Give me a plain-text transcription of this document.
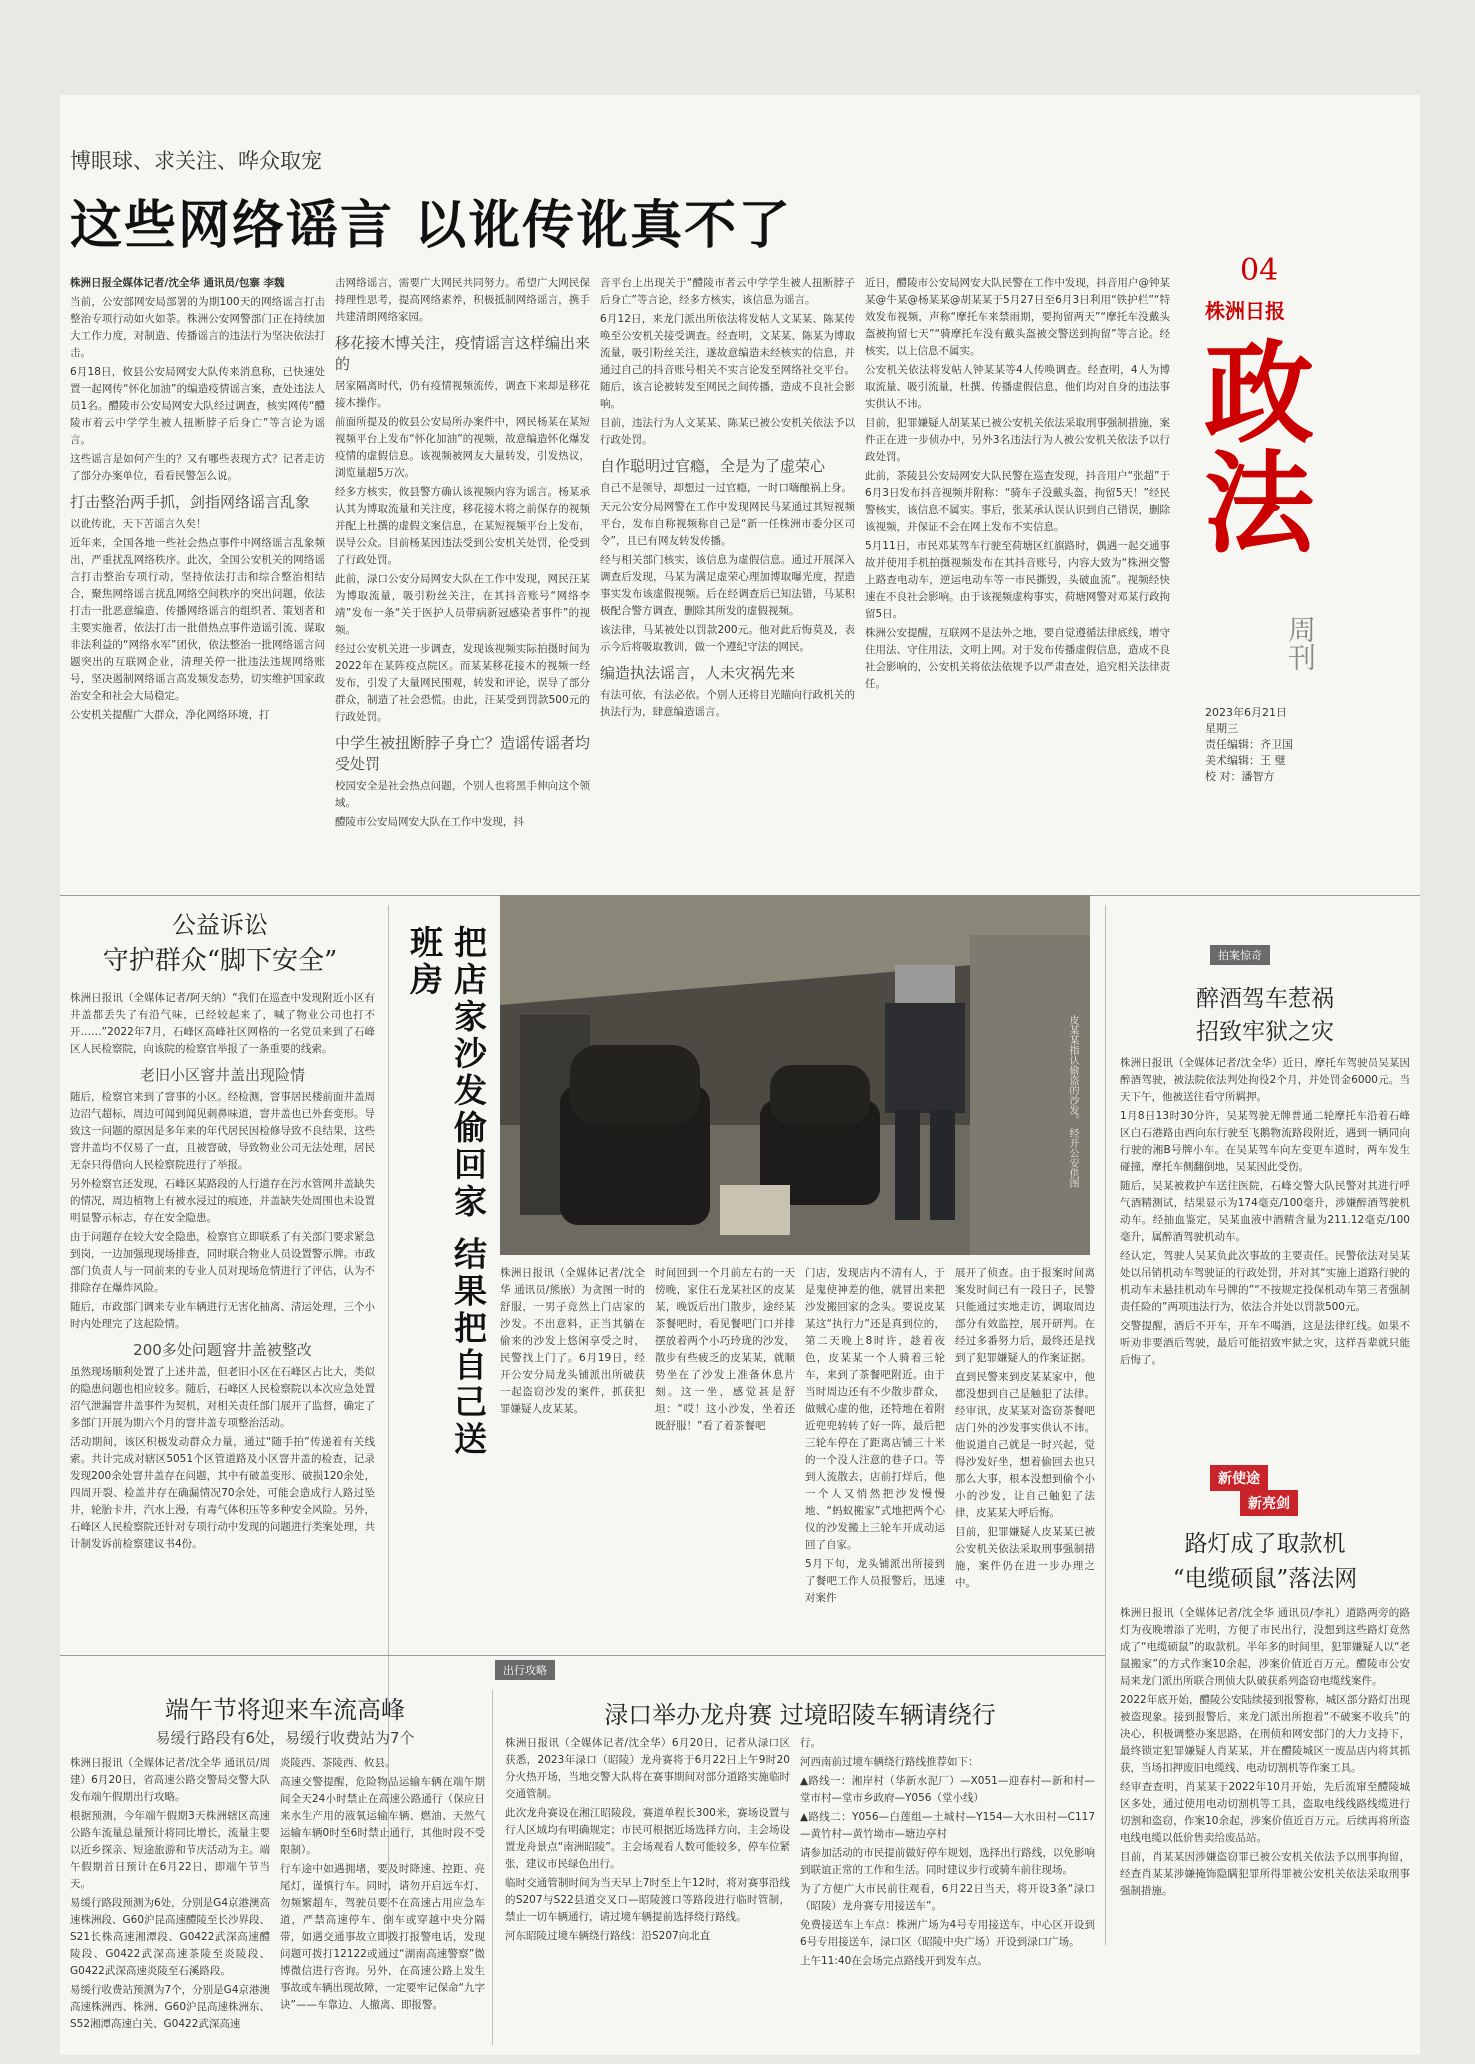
博眼球、求关注、哗众取宠
这些网络谣言 以讹传讹真不了
04
株洲日报
政法
周刊
2023年6月21日
星期三
责任编辑：齐卫国
美术编辑：王 璧
校 对：潘智方

株洲日报全媒体记者/沈全华 通讯员/包寨 李魏

当前，公安部网安局部署的为期100天的网络谣言打击整治专项行动如火如荼。株洲公安网警部门正在持续加大工作力度，对制造、传播谣言的违法行为坚决依法打击。

6月18日，攸县公安局网安大队传来消息称，已快速处置一起网传“怀化加油”的编造疫情谣言案，查处违法人员1名。醴陵市公安局网安大队经过调查，核实网传“醴陵市着云中学学生被人扭断脖子后身亡”等言论为谣言。

这些谣言是如何产生的？又有哪些表现方式？记者走访了部分办案单位，看看民警怎么说。

打击整治两手抓，剑指网络谣言乱象

以讹传讹，天下苦谣言久矣！

近年来，全国各地一些社会热点事件中网络谣言乱象频出，严重扰乱网络秩序。此次，全国公安机关的网络谣言打击整治专项行动，坚持依法打击和综合整治相结合，聚焦网络谣言扰乱网络空间秩序的突出问题，依法打击一批恶意编造、传播网络谣言的组织者、策划者和主要实施者，依法打击一批借热点事件造谣引流、谋取非法利益的“网络水军”团伙，依法整治一批网络谣言问题突出的互联网企业，清理关停一批违法违规网络账号，坚决遏制网络谣言高发频发态势，切实维护国家政治安全和社会大局稳定。

公安机关提醒广大群众，净化网络环境，打

击网络谣言，需要广大网民共同努力。希望广大网民保持理性思考，提高网络素养，积极抵制网络谣言，携手共建清朗网络家园。

移花接木博关注，疫情谣言这样编出来的

居家隔离时代，仍有疫情视频流传，调查下来却是移花接木操作。

前面所提及的攸县公安局所办案件中，网民杨某在某短视频平台上发布“怀化加油”的视频，故意编造怀化爆发疫情的虚假信息。该视频被网友大量转发，引发热议，浏览量超5万次。

经多方核实，攸县警方确认该视频内容为谣言。杨某承认其为博取流量和关注度，移花接木将之前保存的视频并配上杜撰的虚假文案信息，在某短视频平台上发布，误导公众。目前杨某因违法受到公安机关处罚，伦受到了行政处罚。

此前，渌口公安分局网安大队在工作中发现，网民汪某为博取流量，吸引粉丝关注，在其抖音账号“网络李靖”发布一条“关于医护人员带病新冠感染者事件”的视频。

经过公安机关进一步调查，发现该视频实际拍摄时间为2022年在某阵疫点院区。而某某移花接木的视频一经发布，引发了大量网民围观，转发和评论，误导了部分群众，制造了社会恐慌。由此，汪某受到罚款500元的行政处罚。

中学生被扭断脖子身亡？造谣传谣者均受处罚

校园安全是社会热点问题，个别人也将黑手伸向这个领域。

醴陵市公安局网安大队在工作中发现，抖

音平台上出现关于“醴陵市者云中学学生被人扭断脖子后身亡”等言论，经多方核实，该信息为谣言。

6月12日，来龙门派出所依法将发帖人文某某、陈某传唤至公安机关接受调查。经查明，文某某、陈某为博取流量，吸引粉丝关注，遂故意编造未经核实的信息，并通过自己的抖音账号相关不实言论发至网络社交平台。随后，该言论被转发至网民之间传播，造成不良社会影响。

目前，违法行为人文某某、陈某已被公安机关依法予以行政处罚。

自作聪明过官瘾，全是为了虚荣心

自己不是领导，却想过一过官瘾，一时口嗨酿祸上身。

天元公安分局网警在工作中发现网民马某通过其短视频平台，发布自称视频称自己是“新一任株洲市委分区司令”，且已有网友转发传播。

经与相关部门核实，该信息为虚假信息。通过开展深入调查后发现，马某为满足虚荣心理加博取曝光度，捏造事实发布该虚假视频。后在经调查后已知法错，马某积极配合警方调查，删除其所发的虚假视频。

该法律，马某被处以罚款200元。他对此后悔莫及，表示今后将吸取教训，做一个遵纪守法的网民。

编造执法谣言，人未灾祸先来

有法可依，有法必依。个别人还将目光瞄向行政机关的执法行为，肆意编造谣言。

近日，醴陵市公安局网安大队民警在工作中发现，抖音用户@钟某某@牛某@杨某某@胡某某于5月27日至6月3日利用“铁护栏”“特效发布视频，声称“摩托车来禁雨期，要拘留两天”“摩托车没戴头盔被拘留七天”“骑摩托车没有戴头盔被交警送到拘留”等言论。经核实，以上信息不属实。

公安机关依法将发帖人钟某某等4人传唤调查。经查明，4人为博取流量、吸引流量，杜撰、传播虚假信息，他们均对自身的违法事实供认不讳。

目前，犯罪嫌疑人胡某某已被公安机关依法采取刑事强制措施，案件正在进一步侦办中，另外3名违法行为人被公安机关依法予以行政处罚。

此前，茶陵县公安局网安大队民警在巡查发现，抖音用户“张超”于6月3日发布抖音视频并附称：“骑车子没戴头盔，拘留5天！”经民警核实，该信息不属实。事后，张某承认误认识到自己错误，删除该视频，并保证不会在网上发布不实信息。

5月11日，市民邓某驾车行驶至荷塘区红旗路时，偶遇一起交通事故并使用手机拍摄视频发布在其抖音账号，内容大致为“株洲交警上路查电动车，逆运电动车等一市民撕毁，头破血流”。视频经快速在不良社会影响。由于该视频虚构事实，荷塘网警对邓某行政拘留5日。

株洲公安提醒，互联网不是法外之地，要自觉遵循法律底线，增守住用法、守住用法，文明上网。对于发布传播虚假信息，造成不良社会影响的，公安机关将依法依规予以严肃查处，追究相关法律责任。

公益诉讼
守护群众“脚下安全”

株洲日报讯（全媒体记者/阿天纳）“我们在巡查中发现附近小区有井盖都丢失了有沿气味，已经较起来了，喊了物业公司也打不开……”2022年7月，石峰区高峰社区网格的一名党员来到了石峰区人民检察院，向该院的检察官举报了一条重要的线索。

老旧小区窨井盖出现险情

随后，检察官来到了窨事的小区。经检测，窨事居民楼前面井盖周边沼气超标，周边可闻到闻见刺鼻味道，窨井盖也已外套变形。导致这一问题的原因是多年来的年代居民因检修导致不良结果，这些窨井盖均不仅易了一直，且被窨破，导致物业公司无法处理，居民无奈只得借向人民检察院进行了举报。

另外检察官还发现，石峰区某路段的人行道存在污水管网井盖缺失的情况，周边植物上有被水浸过的痕迹，并盖缺失处周围也未设置明显警示标志，存在安全隐患。

由于问题存在较大安全隐患，检察官立即联系了有关部门要求紧急到岗，一边加强现现场排查，同时联合物业人员设置警示牌。市政部门负责人与一同前来的专业人员对现场危情进行了评估，认为不排除存在爆炸风险。

随后，市政部门调来专业车辆进行无害化抽离、清运处理，三个小时内处理完了这起险情。

200多处问题窨井盖被整改

虽然现场顺利处置了上述井盖，但老旧小区在石峰区占比大，类似的隐患问题也相应较多。随后，石峰区人民检察院以本次应急处置沼气泄漏窨井盖事件为契机，对相关责任部门展开了监督，确定了多部门开展为期六个月的窨井盖专项整治活动。

活动期间，该区积极发动群众力量，通过“随手拍”传递着有关线索。共计完成对辖区5051个区管道路及小区窨井盖的检查，记录发现200余处窨井盖存在问题，其中有破盖变形、破损120余处，四周开裂、检盖井存在确漏情况70余处，可能会造成行人路过坠井，轮胎卡井，汽水上漫，有毒气体积压等多种安全风险。另外，石峰区人民检察院还针对专项行动中发现的问题进行类案处理，共计制发诉前检察建议书4份。

把店家沙发偷回家 结果把自己送班房
皮某某指认偷盗的沙发。 经开公安供图

株洲日报讯（全媒体记者/沈全华 通讯员/熊嵌）为贪图一时的舒服，一男子竟然上门店家的沙发。不出意料，正当其躺在偷来的沙发上悠闲享受之时，民警找上门了。6月19日，经开公安分局龙头铺派出所破获一起盗窃沙发的案件，抓获犯罪嫌疑人皮某某。

时间回到一个月前左右的一天傍晚，家住石龙某社区的皮某某，晚饭后出门散步，途经某茶餐吧时，看见餐吧门口并排摆放着两个小巧玲珑的沙发，散步有些疲乏的皮某某，就顺势坐在了沙发上准备休息片刻。这一坐，感觉甚是舒坦：“哎！这小沙发，坐着还既舒服！”看了着茶餐吧

门店，发现店内不清有人，于是鬼使神差的他，就冒出来把沙发搬回家的念头。要说皮某某这“执行力”还是真到位的，第二天晚上8时许，趁着夜色，皮某某一个人骑着三轮车，来到了茶餐吧附近。由于当时周边还有不少散步群众，做贼心虚的他，还特地在着附近兜兜转转了好一阵，最后把三轮车停在了距离店铺三十米的一个没人注意的巷子口。等到人流散去，店前打烊后，他一个人又悄然把沙发慢慢地、“蚂蚁搬家”式地把两个心仪的沙发搬上三轮车开成动运回了自家。

5月下旬，龙头铺派出所接到了餐吧工作人员报警后，迅速对案件

展开了侦查。由于报案时间离案发时间已有一段日子，民警只能通过实地走访，调取周边部分有效监控，展开研判。在经过多番努力后，最终还是找到了犯罪嫌疑人的作案证据。

直到民警来到皮某某家中，他都没想到自己是触犯了法律。经审讯，皮某某对盗窃茶餐吧店门外的沙发事实供认不讳。他说道自己就是一时兴起，觉得沙发好坐，想着偷回去也只那么大事，根本没想到偷个小小的沙发，让自己触犯了法律，皮某某大呼后悔。

目前，犯罪嫌疑人皮某某已被公安机关依法采取刑事强制措施，案件仍在进一步办理之中。

拍案惊奇
醉酒驾车惹祸
招致牢狱之灾

株洲日报讯（全媒体记者/沈全华）近日，摩托车驾驶员吴某因醉酒驾驶，被法院依法判处拘役2个月，并处罚金6000元。当天下午，他被送往看守所羁押。

1月8日13时30分许，吴某驾驶无牌普通二轮摩托车沿着石峰区白石港路由西向东行驶至飞鹅物流路段附近，遇到一辆同向行驶的湘B号牌小车。在吴某驾车向左变更车道时，两车发生碰撞，摩托车侧翻倒地，吴某因此受伤。

随后，吴某被救护车送往医院，石峰交警大队民警对其进行呼气酒精测试，结果显示为174毫克/100毫升，涉嫌醉酒驾驶机动车。经抽血鉴定，吴某血液中酒精含量为211.12毫克/100毫升，属醉酒驾驶机动车。

经认定，驾驶人吴某负此次事故的主要责任。民警依法对吴某处以吊销机动车驾驶证的行政处罚，并对其“实施上道路行驶的机动车未悬挂机动车号牌的”“不按规定投保机动车第三者强制责任险的”两项违法行为，依法合并处以罚款500元。

交警提醒，酒后不开车，开车不喝酒，这是法律红线。如果不听劝非要酒后驾驶，最后可能招致牢狱之灾，这样吾辈就只能后悔了。

新使途
新亮剑
路灯成了取款机
“电缆硕鼠”落法网

株洲日报讯（全媒体记者/沈全华 通讯员/李礼）道路两旁的路灯为夜晚增添了光明，方便了市民出行，没想到这些路灯竟然成了“电缆硕鼠”的取款机。半年多的时间里，犯罪嫌疑人以“老鼠搬家”的方式作案10余起，涉案价值近百万元。醴陵市公安局来龙门派出所联合刑侦大队破获系列盗窃电缆线案件。

2022年底开始，醴陵公安陆续接到报警称，城区部分路灯出现被盗现象。接到报警后，来龙门派出所抱着“不破案不收兵”的决心，积极调整办案思路，在刑侦和网安部门的大力支持下，最终锁定犯罪嫌疑人肖某某，并在醴陵城区一废品店内将其抓获，当场扣押废旧电缆线、电动切割机等作案工具。

经审查查明，肖某某于2022年10月开始，先后流窜至醴陵城区多处，通过使用电动切割机等工具，盗取电线线路线缆进行切割和盗窃，作案10余起，涉案价值近百万元。后续再将所盗电线电缆以低价售卖给废品站。

目前，肖某某因涉嫌盗窃罪已被公安机关依法予以刑事拘留，经查肖某某涉嫌掩饰隐瞒犯罪所得罪被公安机关依法采取刑事强制措施。

出行攻略
端午节将迎来车流高峰
易缓行路段有6处，易缓行收费站为7个

株洲日报讯（全媒体记者/沈全华 通讯员/周建）6月20日，省高速公路交警局交警大队发布端午假期出行攻略。

根据预测，今年端午假期3天株洲辖区高速公路车流量总量预计将同比增长，流量主要以近乡探亲、短途旅游和节庆活动为主。端午假期首日预计在6月22日，即端午节当天。

易缓行路段预测为6处，分别是G4京港澳高速株洲段、G60沪昆高速醴陵至长沙界段、S21长株高速湘潭段、G0422武深高速醴陵段、G0422武深高速茶陵至炎陵段、G0422武深高速炎陵至石溪路段。

易缓行收费站预测为7个，分别是G4京港澳高速株洲西、株洲、G60沪昆高速株洲东、S52湘潭高速白关、G0422武深高速

炎陵西、茶陵西、攸县。

高速交警提醒，危险物品运输车辆在端午期间全天24小时禁止在高速公路通行（保应日来水生产用的液氧运输车辆、燃油、天然气运输车辆0时至6时禁止通行，其他时段不受限制）。

行车途中如遇拥堵，要及时降速、控距、亮尾灯，谨慎行车。同时，请勿开启远车灯、勿频繁超车，驾驶员要不在高速占用应急车道，严禁高速停车、倒车或穿越中央分隔带，如遇交通事故立即拨打报警电话，发现问题可拨打12122或通过“湖南高速警察”微博微信进行咨询。另外，在高速公路上发生事故或车辆出现故障，一定要牢记保命“九字诀”——车靠边、人撤离、即报警。

渌口举办龙舟赛 过境昭陵车辆请绕行

株洲日报讯（全媒体记者/沈全华）6月20日，记者从渌口区获悉，2023年渌口（昭陵）龙舟赛将于6月22日上午9时20分火热开场，当地交警大队将在赛事期间对部分道路实施临时交通管制。

此次龙舟赛设在湘江昭陵段，赛道单程长300米，赛场设置与行人区域均有明确规定；市民可根据近场选择方向，主会场设置龙舟景点“南洲昭陵”。主会场观看人数可能较多，停车位紧张，建议市民绿色出行。

临时交通管制时间为当天早上7时至上午12时，将对赛事沿线的S207与S22县道交叉口—昭陵渡口等路段进行临时管制，禁止一切车辆通行，请过境车辆提前选择绕行路线。

河东昭陵过境车辆绕行路线：沿S207向北直

行。

河西南前过境车辆绕行路线推荐如下：

▲路线一：湘岸村（华新水泥厂）—X051—迎春村—新和村—堂市村—堂市乡政府—Y056（堂小线）

▲路线二：Y056—白莲组—土城村—Y154—大水田村—C117—黄竹村—黄竹坳市—塘边亭村

请参加活动的市民提前做好停车规划，选择出行路线，以免影响到联谊正常的工作和生活。同时建议步行或骑车前往现场。

为了方便广大市民前往观看，6月22日当天，将开设3条“渌口（昭陵）龙舟赛专用接送车”。

免费接送车上车点：株洲广场为4号专用接送车，中心区开设到6号专用接送车，渌口区（昭陵中央广场）开设到渌口广场。

上午11:40在会场完点路线开到发车点。
